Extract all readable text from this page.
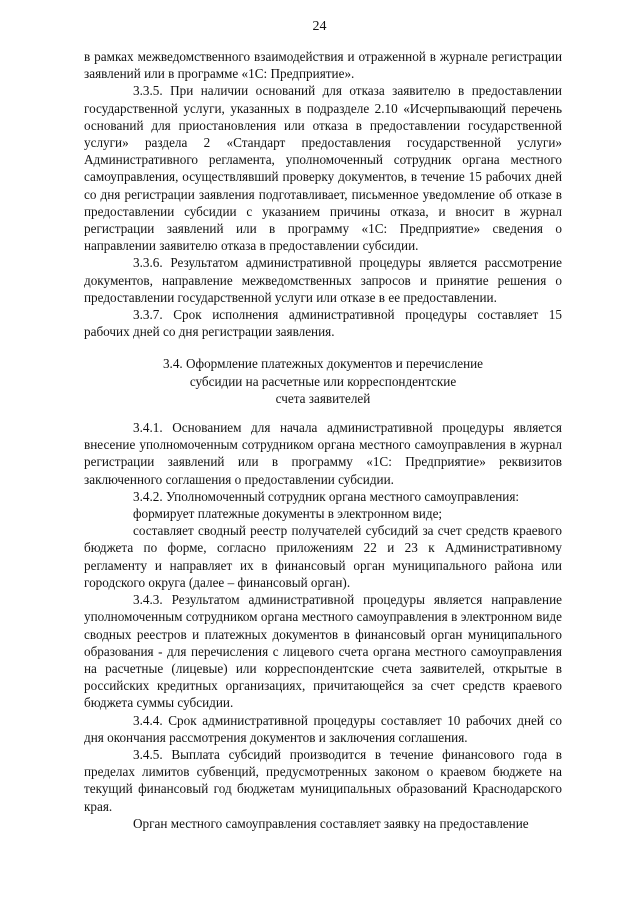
24

в рамках межведомственного взаимодействия и отраженной в журнале регистрации заявлений или в программе «1С: Предприятие».

3.3.5. При наличии оснований для отказа заявителю в предоставлении государственной услуги, указанных в подразделе 2.10 «Исчерпывающий перечень оснований для приостановления или отказа в предоставлении государственной услуги» раздела 2 «Стандарт предоставления государственной услуги» Административного регламента, уполномоченный сотрудник органа местного самоуправления, осуществлявший проверку документов, в течение 15 рабочих дней со дня регистрации заявления подготавливает, письменное уведомление об отказе в предоставлении субсидии с указанием причины отказа, и вносит в журнал регистрации заявлений или в программу «1С: Предприятие» сведения о направлении заявителю отказа в предоставлении субсидии.

3.3.6. Результатом административной процедуры является рассмотрение документов, направление межведомственных запросов и принятие решения о предоставлении государственной услуги или отказе в ее предоставлении.

3.3.7. Срок исполнения административной процедуры составляет 15 рабочих дней со дня регистрации заявления.

3.4. Оформление платежных документов и перечисление
субсидии на расчетные или корреспондентские
счета заявителей

3.4.1. Основанием для начала административной процедуры является внесение уполномоченным сотрудником органа местного самоуправления в журнал регистрации заявлений или в программу «1С: Предприятие» реквизитов заключенного соглашения о предоставлении субсидии.

3.4.2. Уполномоченный сотрудник органа местного самоуправления:

формирует платежные документы в электронном виде;

составляет сводный реестр получателей субсидий за счет средств краевого бюджета по форме, согласно приложениям 22 и 23 к Административному регламенту и направляет их в финансовый орган муниципального района или городского округа (далее – финансовый орган).

3.4.3. Результатом административной процедуры является направление уполномоченным сотрудником органа местного самоуправления в электронном виде сводных реестров и платежных документов в финансовый орган муниципального образования - для перечисления с лицевого счета органа местного самоуправления на расчетные (лицевые) или корреспондентские счета заявителей, открытые в российских кредитных организациях, причитающейся за счет средств краевого бюджета суммы субсидии.

3.4.4. Срок административной процедуры составляет 10 рабочих дней со дня окончания рассмотрения документов и заключения соглашения.

3.4.5. Выплата субсидий производится в течение финансового года в пределах лимитов субвенций, предусмотренных законом о краевом бюджете на текущий финансовый год бюджетам муниципальных образований Краснодарского края.

Орган местного самоуправления составляет заявку на предоставление
